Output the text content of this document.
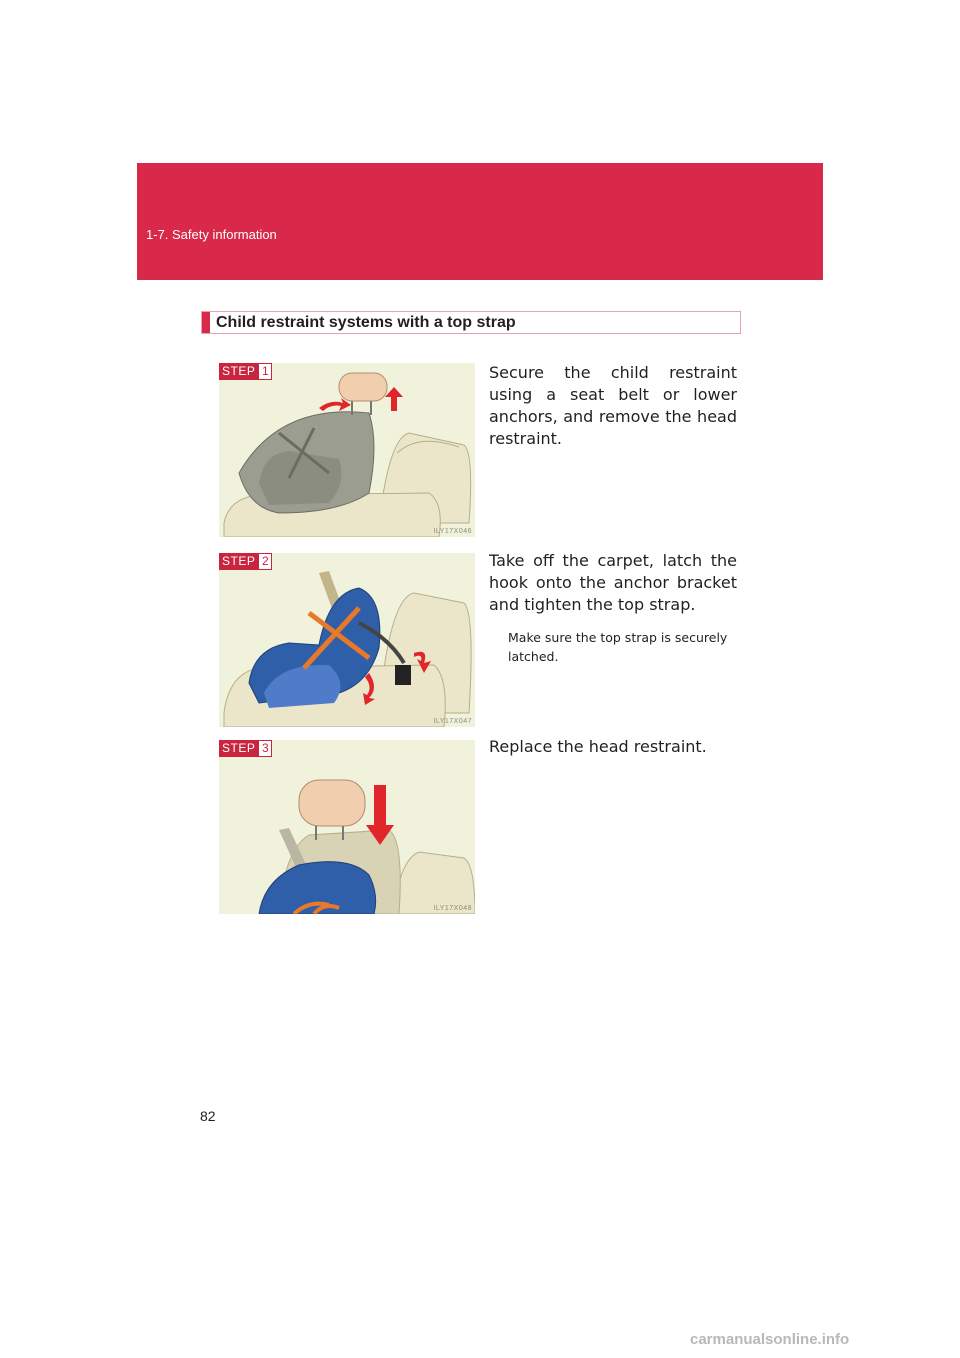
1-7. Safety information
Child restraint systems with a top strap
STEP 1
ILY17X046
Secure the child restraint using a seat belt or lower anchors, and remove the head restraint.
STEP 2
ILY17X047
Take off the carpet, latch the hook onto the anchor bracket and tighten the top strap.
Make sure the top strap is securely latched.
STEP 3
ILY17X048
Replace the head restraint.
82
carmanualsonline.info
